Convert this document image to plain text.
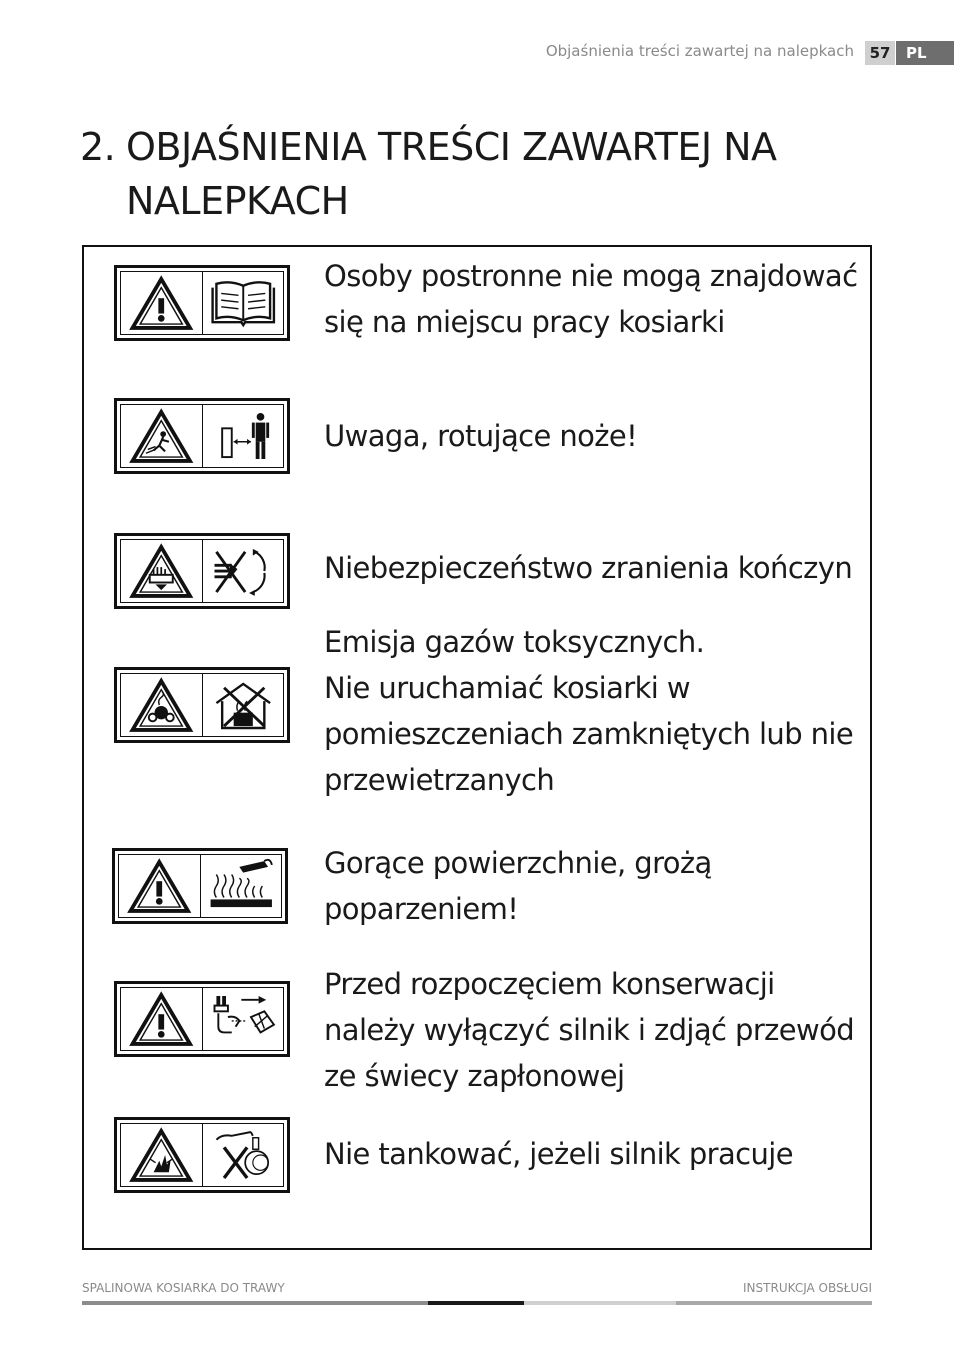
Objaśnienia treści zawartej na nalepkach	57	PL
2. OBJAŚNIENIA TREŚCI ZAWARTEJ NA NALEPKACH
Osoby postronne nie mogą znajdować
się na miejscu pracy kosiarki
Uwaga, rotujące noże!
Niebezpieczeństwo zranienia kończyn
Emisja gazów toksycznych.
Nie uruchamiać kosiarki w
pomieszczeniach zamkniętych lub nie
przewietrzanych
Gorące powierzchnie, grożą
poparzeniem!
Przed rozpoczęciem konserwacji
należy wyłączyć silnik i zdjąć przewód
ze świecy zapłonowej
Nie tankować, jeżeli silnik pracuje
SPALINOWA KOSIARKA DO TRAWY	INSTRUKCJA OBSŁUGI
